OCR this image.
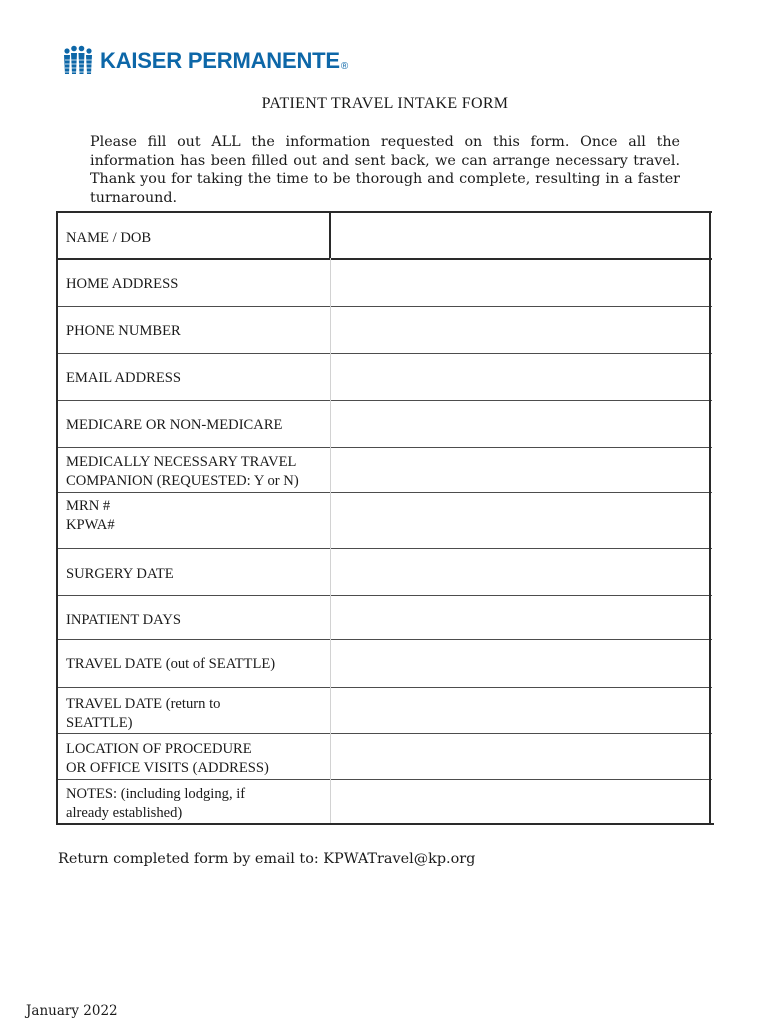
KAISER PERMANENTE ®
PATIENT TRAVEL INTAKE FORM

Please fill out ALL the information requested on this form. Once all the information has been filled out and sent back, we can arrange necessary travel. Thank you for taking the time to be thorough and complete, resulting in a faster turnaround.

NAME / DOB
HOME ADDRESS
PHONE NUMBER
EMAIL ADDRESS
MEDICARE OR NON-MEDICARE
MEDICALLY NECESSARY TRAVEL
COMPANION (REQUESTED: Y or N)
MRN #
KPWA#
SURGERY DATE
INPATIENT DAYS
TRAVEL DATE (out of SEATTLE)
TRAVEL DATE (return to
SEATTLE)
LOCATION OF PROCEDURE
OR OFFICE VISITS (ADDRESS)
NOTES: (including lodging, if
already established)
Return completed form by email to: KPWATravel@kp.org
January 2022
